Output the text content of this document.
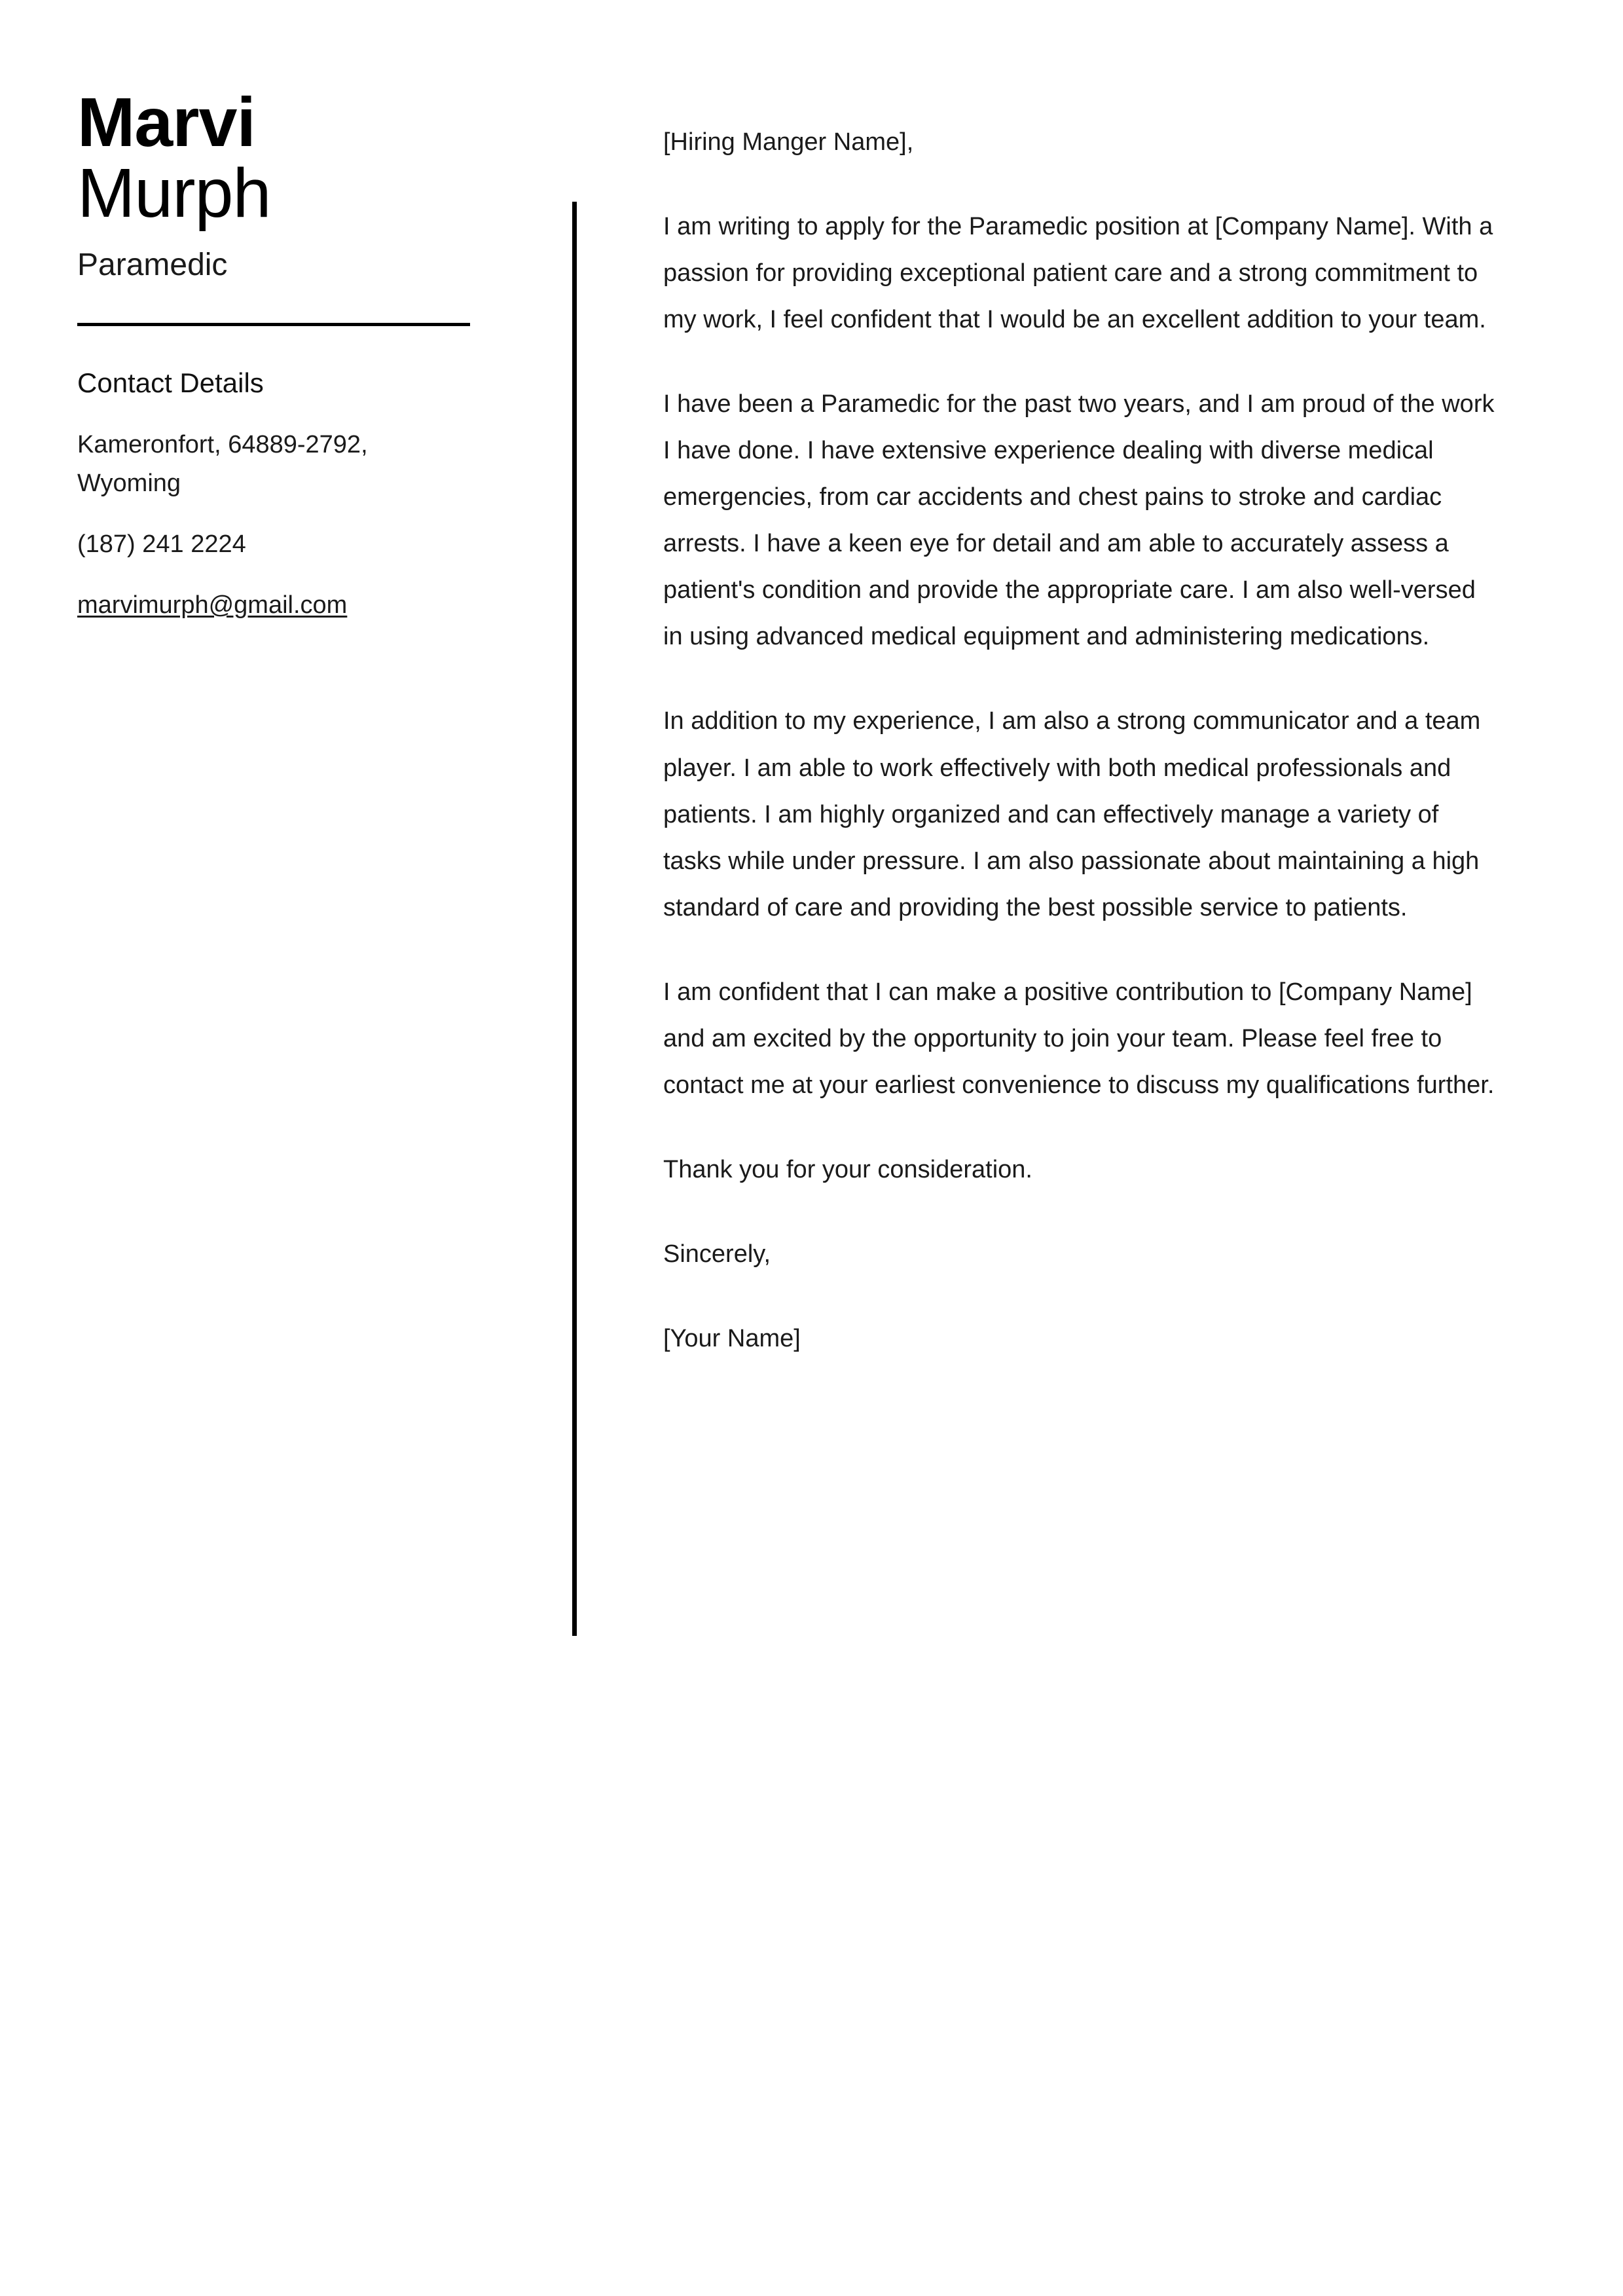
Marvi
Murph
Paramedic
Contact Details
Kameronfort, 64889-2792, Wyoming
(187) 241 2224
marvimurph@gmail.com

[Hiring Manger Name],

I am writing to apply for the Paramedic position at [Company Name]. With a passion for providing exceptional patient care and a strong commitment to my work, I feel confident that I would be an excellent addition to your team.

I have been a Paramedic for the past two years, and I am proud of the work I have done. I have extensive experience dealing with diverse medical emergencies, from car accidents and chest pains to stroke and cardiac arrests. I have a keen eye for detail and am able to accurately assess a patient's condition and provide the appropriate care. I am also well-versed in using advanced medical equipment and administering medications.

In addition to my experience, I am also a strong communicator and a team player. I am able to work effectively with both medical professionals and patients. I am highly organized and can effectively manage a variety of tasks while under pressure. I am also passionate about maintaining a high standard of care and providing the best possible service to patients.

I am confident that I can make a positive contribution to [Company Name] and am excited by the opportunity to join your team. Please feel free to contact me at your earliest convenience to discuss my qualifications further.

Thank you for your consideration.

Sincerely,

[Your Name]
